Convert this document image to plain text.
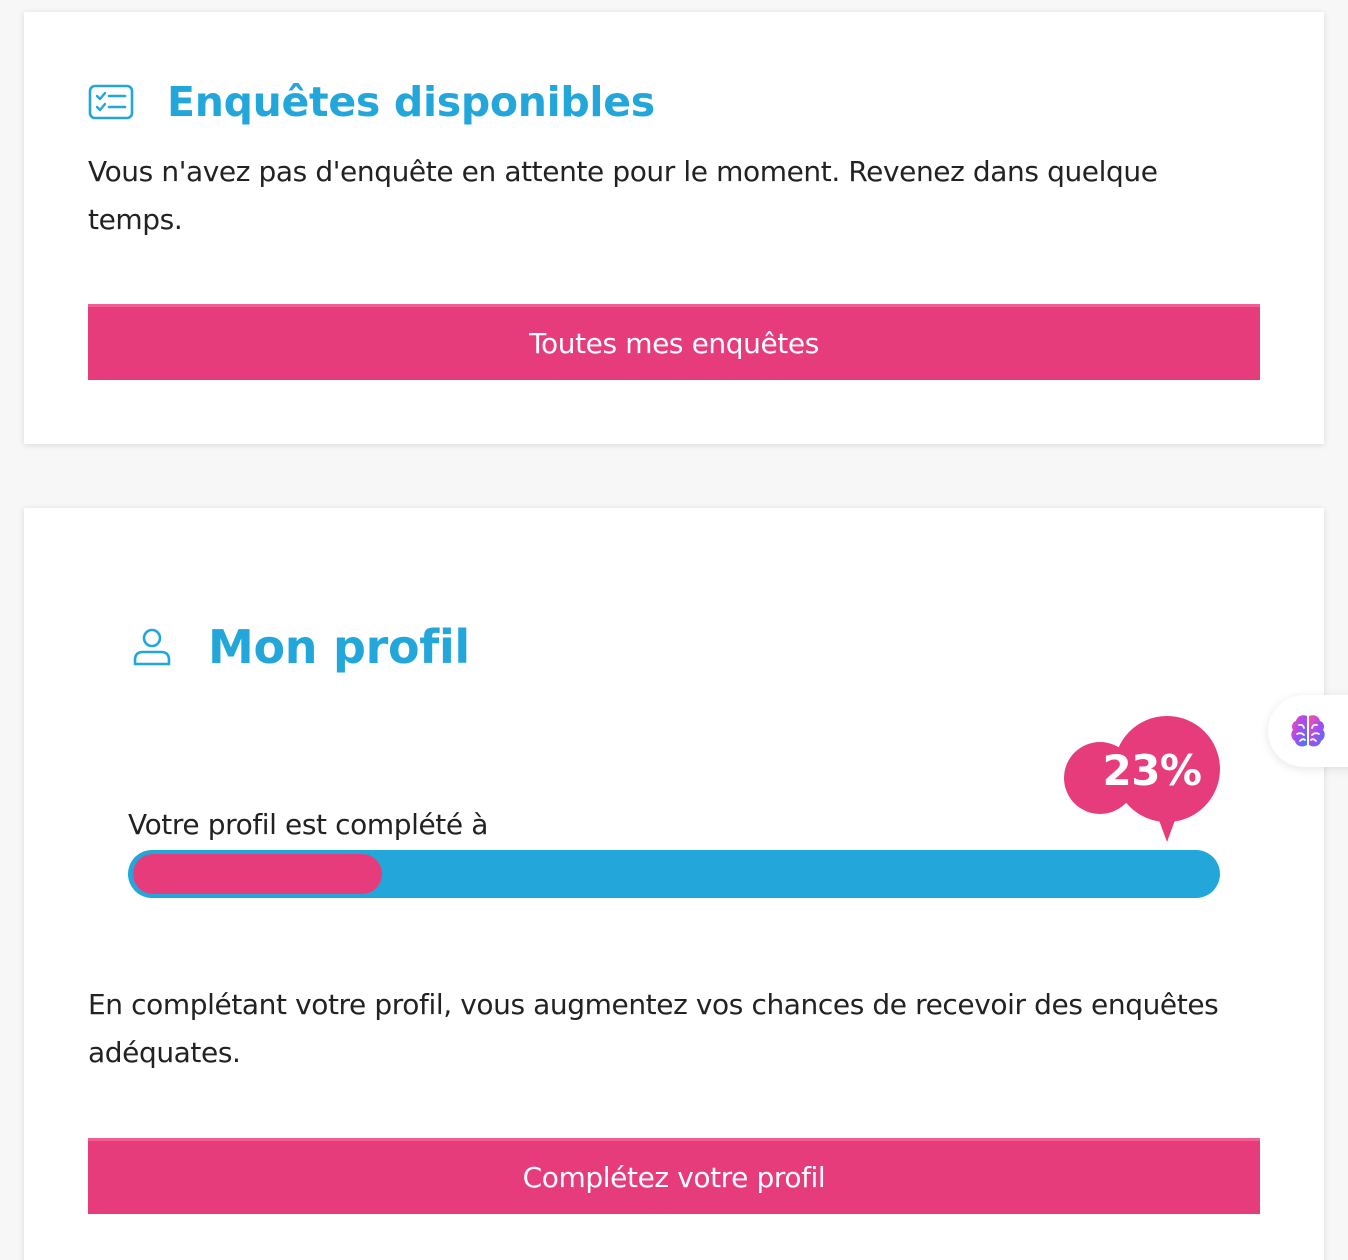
Enquêtes disponibles

Vous n'avez pas d'enquête en attente pour le moment. Revenez dans quelque temps.

Toutes mes enquêtes
Mon profil
23%
Votre profil est complété à

En complétant votre profil, vous augmentez vos chances de recevoir des enquêtes adéquates.

Complétez votre profil
